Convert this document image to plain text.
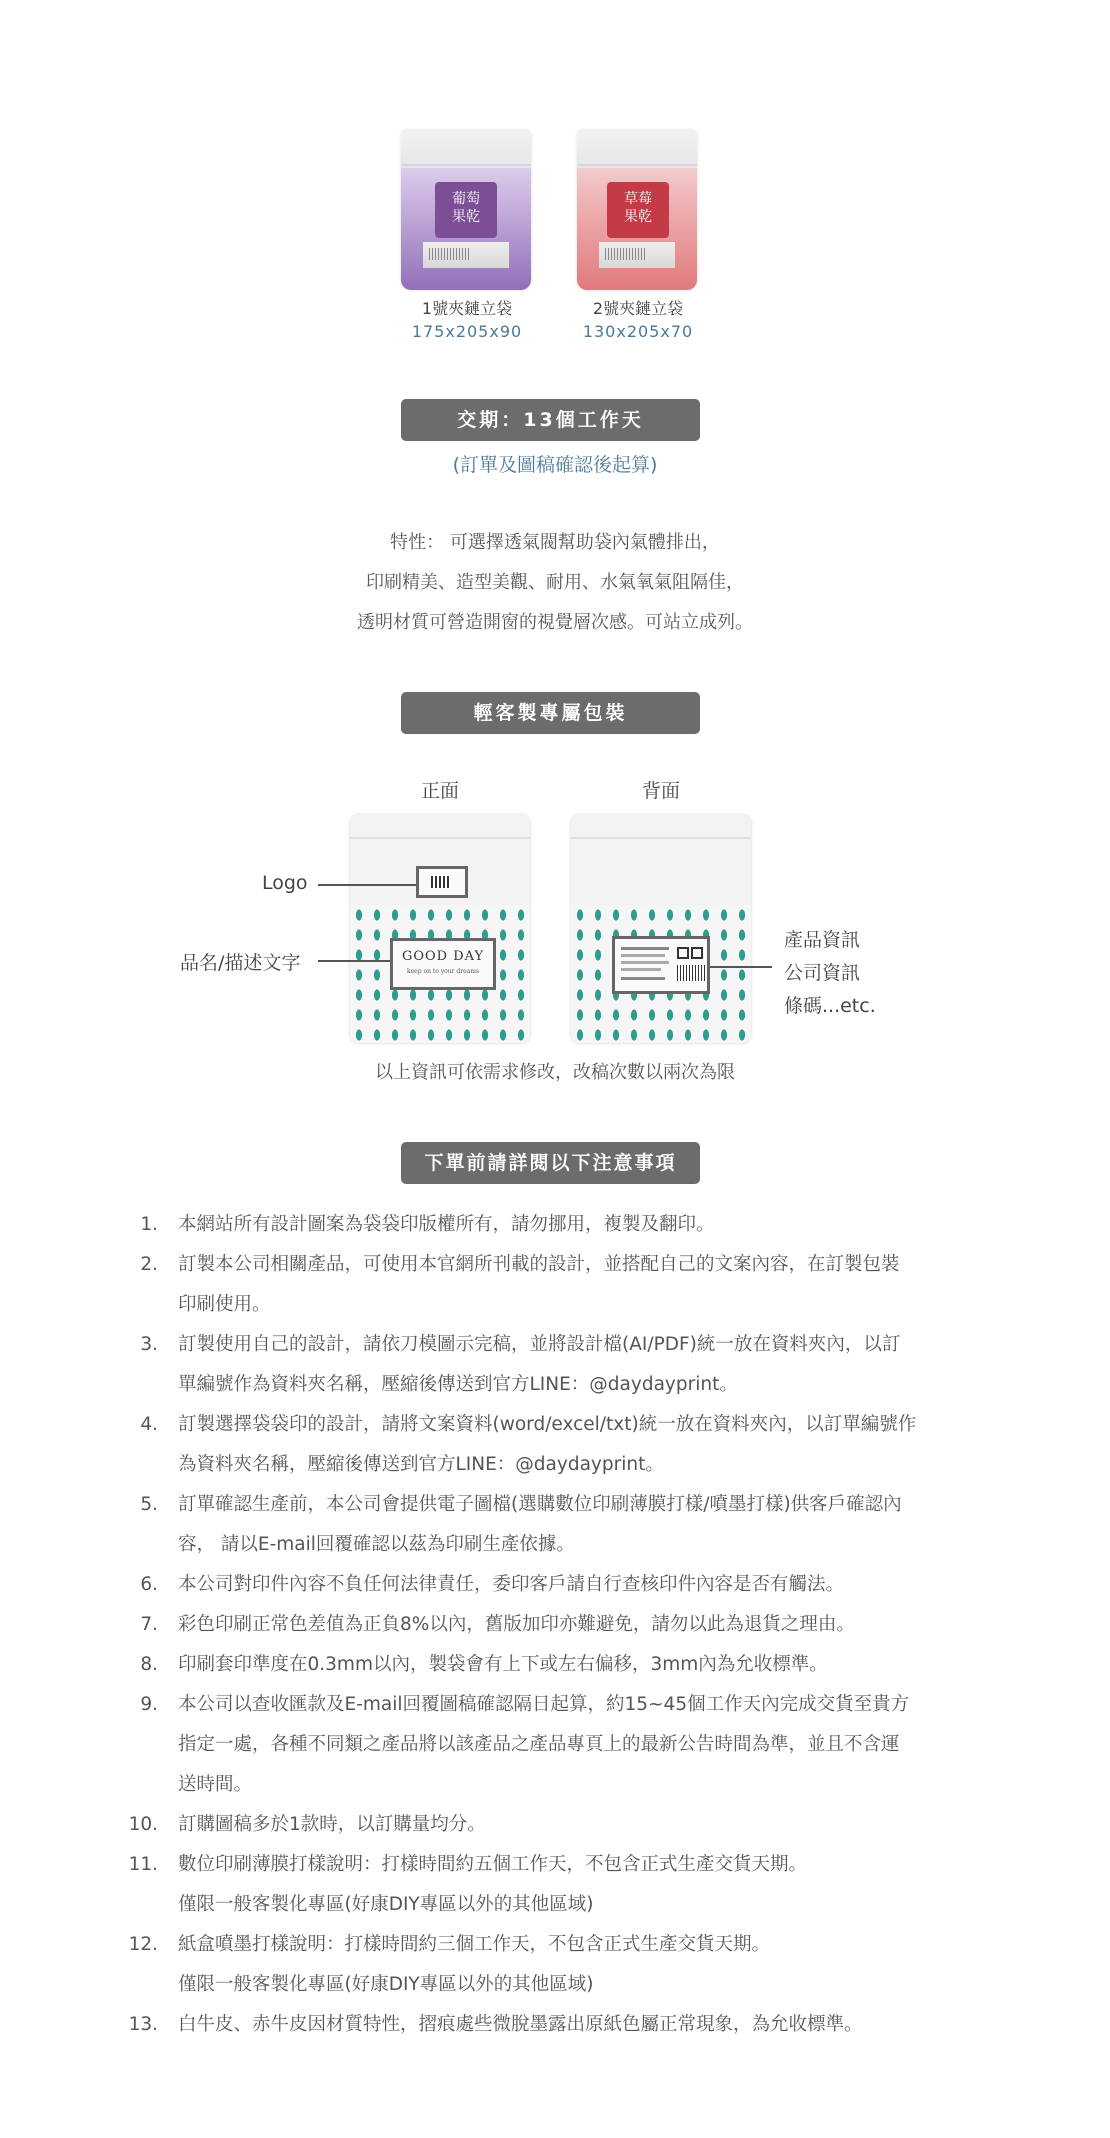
葡萄
果乾
草莓
果乾
1號夾鏈立袋
175x205x90
2號夾鏈立袋
130x205x70
交期：13個工作天
(訂單及圖稿確認後起算)
特性： 可選擇透氣閥幫助袋內氣體排出，
印刷精美、造型美觀、耐用、水氣氧氣阻隔佳，
透明材質可營造開窗的視覺層次感。可站立成列。
輕客製專屬包裝
正面	背面
GOOD DAY
keep on to your dreams
Logo
品名/描述文字
產品資訊
公司資訊
條碼...etc.
以上資訊可依需求修改，改稿次數以兩次為限
下單前請詳閱以下注意事項
1.	本網站所有設計圖案為袋袋印版權所有，請勿挪用，複製及翻印。
2.	訂製本公司相關產品，可使用本官網所刊載的設計，並搭配自己的文案內容，在訂製包裝
印刷使用。
3.	訂製使用自己的設計，請依刀模圖示完稿，並將設計檔(AI/PDF)統一放在資料夾內，以訂
單編號作為資料夾名稱，壓縮後傳送到官方LINE：@daydayprint。
4.	訂製選擇袋袋印的設計，請將文案資料(word/excel/txt)統一放在資料夾內，以訂單編號作
為資料夾名稱，壓縮後傳送到官方LINE：@daydayprint。
5.	訂單確認生產前，本公司會提供電子圖檔(選購數位印刷薄膜打樣/噴墨打樣)供客戶確認內
容， 請以E-mail回覆確認以茲為印刷生產依據。
6.	本公司對印件內容不負任何法律責任，委印客戶請自行查核印件內容是否有觸法。
7.	彩色印刷正常色差值為正負8%以內，舊版加印亦難避免，請勿以此為退貨之理由。
8.	印刷套印準度在0.3mm以內，製袋會有上下或左右偏移，3mm內為允收標準。
9.	本公司以查收匯款及E-mail回覆圖稿確認隔日起算，約15~45個工作天內完成交貨至貴方
指定一處，各種不同類之產品將以該產品之產品專頁上的最新公告時間為準，並且不含運
送時間。
10.	訂購圖稿多於1款時，以訂購量均分。
11.	數位印刷薄膜打樣說明：打樣時間約五個工作天，不包含正式生產交貨天期。
僅限一般客製化專區(好康DIY專區以外的其他區域)
12.	紙盒噴墨打樣說明：打樣時間約三個工作天，不包含正式生產交貨天期。
僅限一般客製化專區(好康DIY專區以外的其他區域)
13.	白牛皮、赤牛皮因材質特性，摺痕處些微脫墨露出原紙色屬正常現象，為允收標準。
